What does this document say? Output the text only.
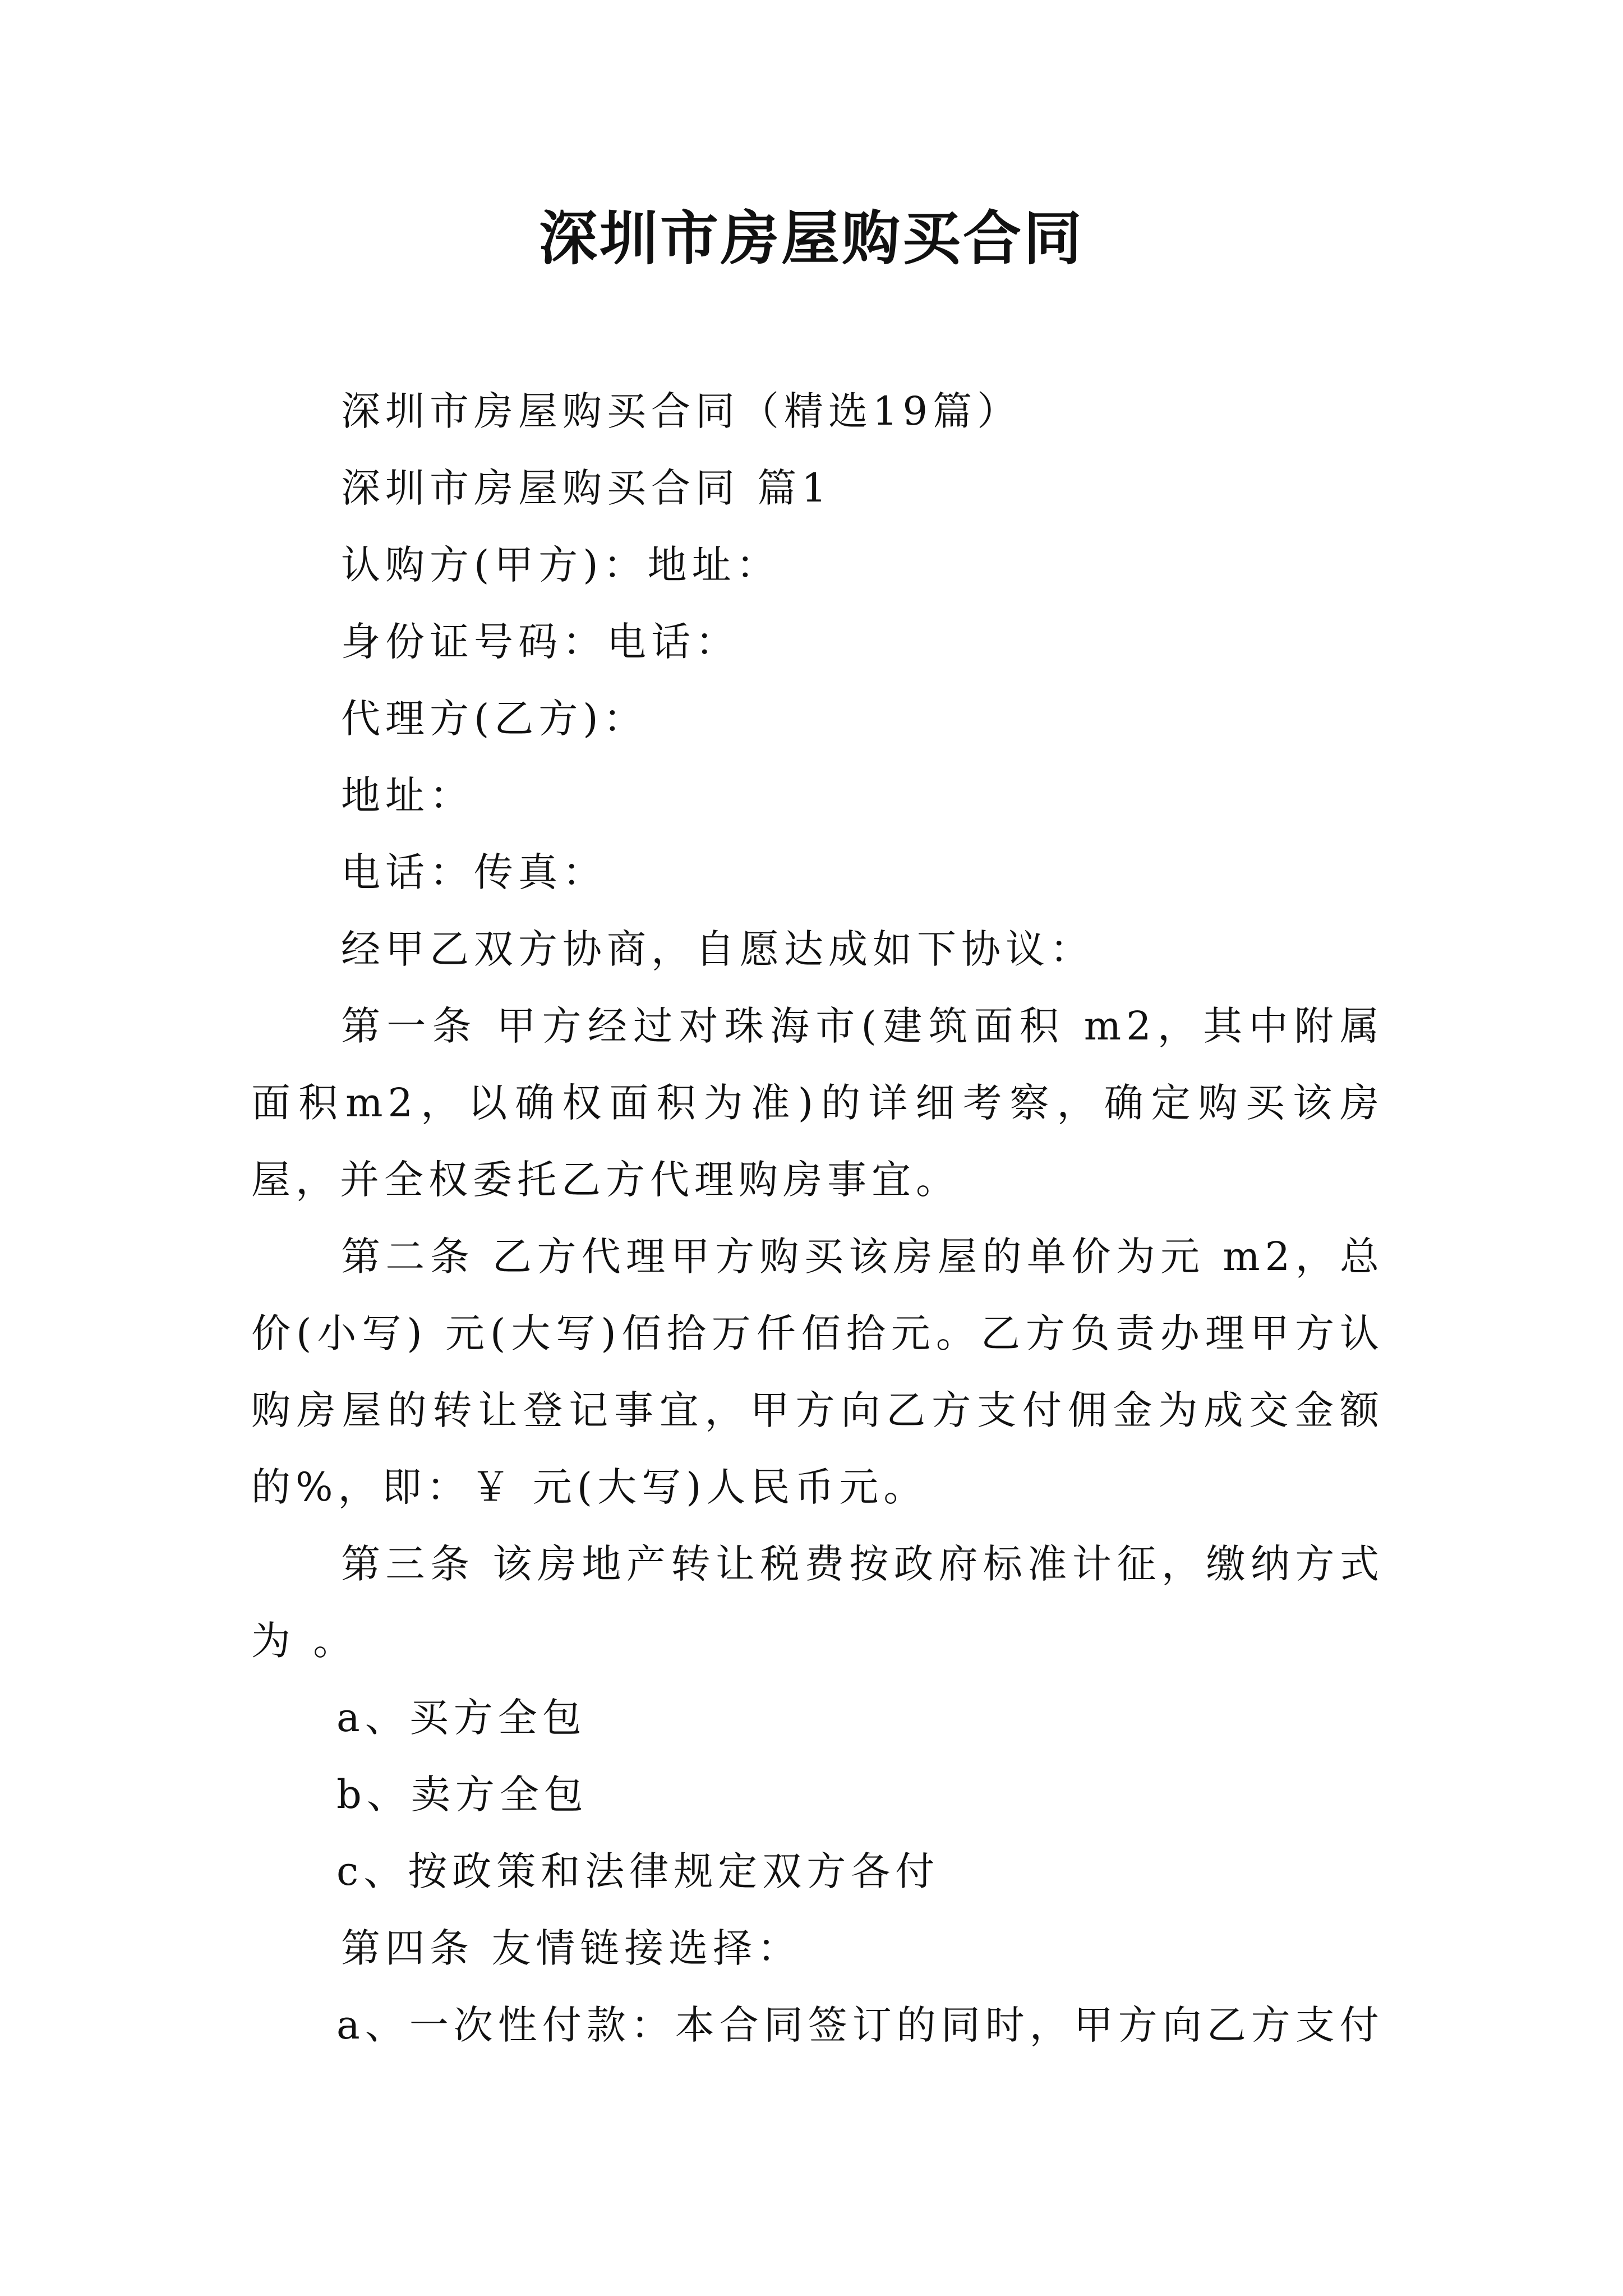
深圳市房屋购买合同

深圳市房屋购买合同（精选19篇）

深圳市房屋购买合同 篇1

认购方(甲方)：地址：

身份证号码：电话：

代理方(乙方)：

地址：

电话：传真：

经甲乙双方协商，自愿达成如下协议：

第一条 甲方经过对珠海市(建筑面积 m2，其中附属面积m2，以确权面积为准)的详细考察，确定购买该房屋，并全权委托乙方代理购房事宜。

第二条 乙方代理甲方购买该房屋的单价为元 m2，总价(小写) 元(大写)佰拾万仟佰拾元。乙方负责办理甲方认购房屋的转让登记事宜，甲方向乙方支付佣金为成交金额的%，即：￥ 元(大写)人民币元。

第三条 该房地产转让税费按政府标准计征，缴纳方式为 。

a、买方全包

b、卖方全包

c、按政策和法律规定双方各付

第四条 友情链接选择：

a、一次性付款：本合同签订的同时，甲方向乙方支付
